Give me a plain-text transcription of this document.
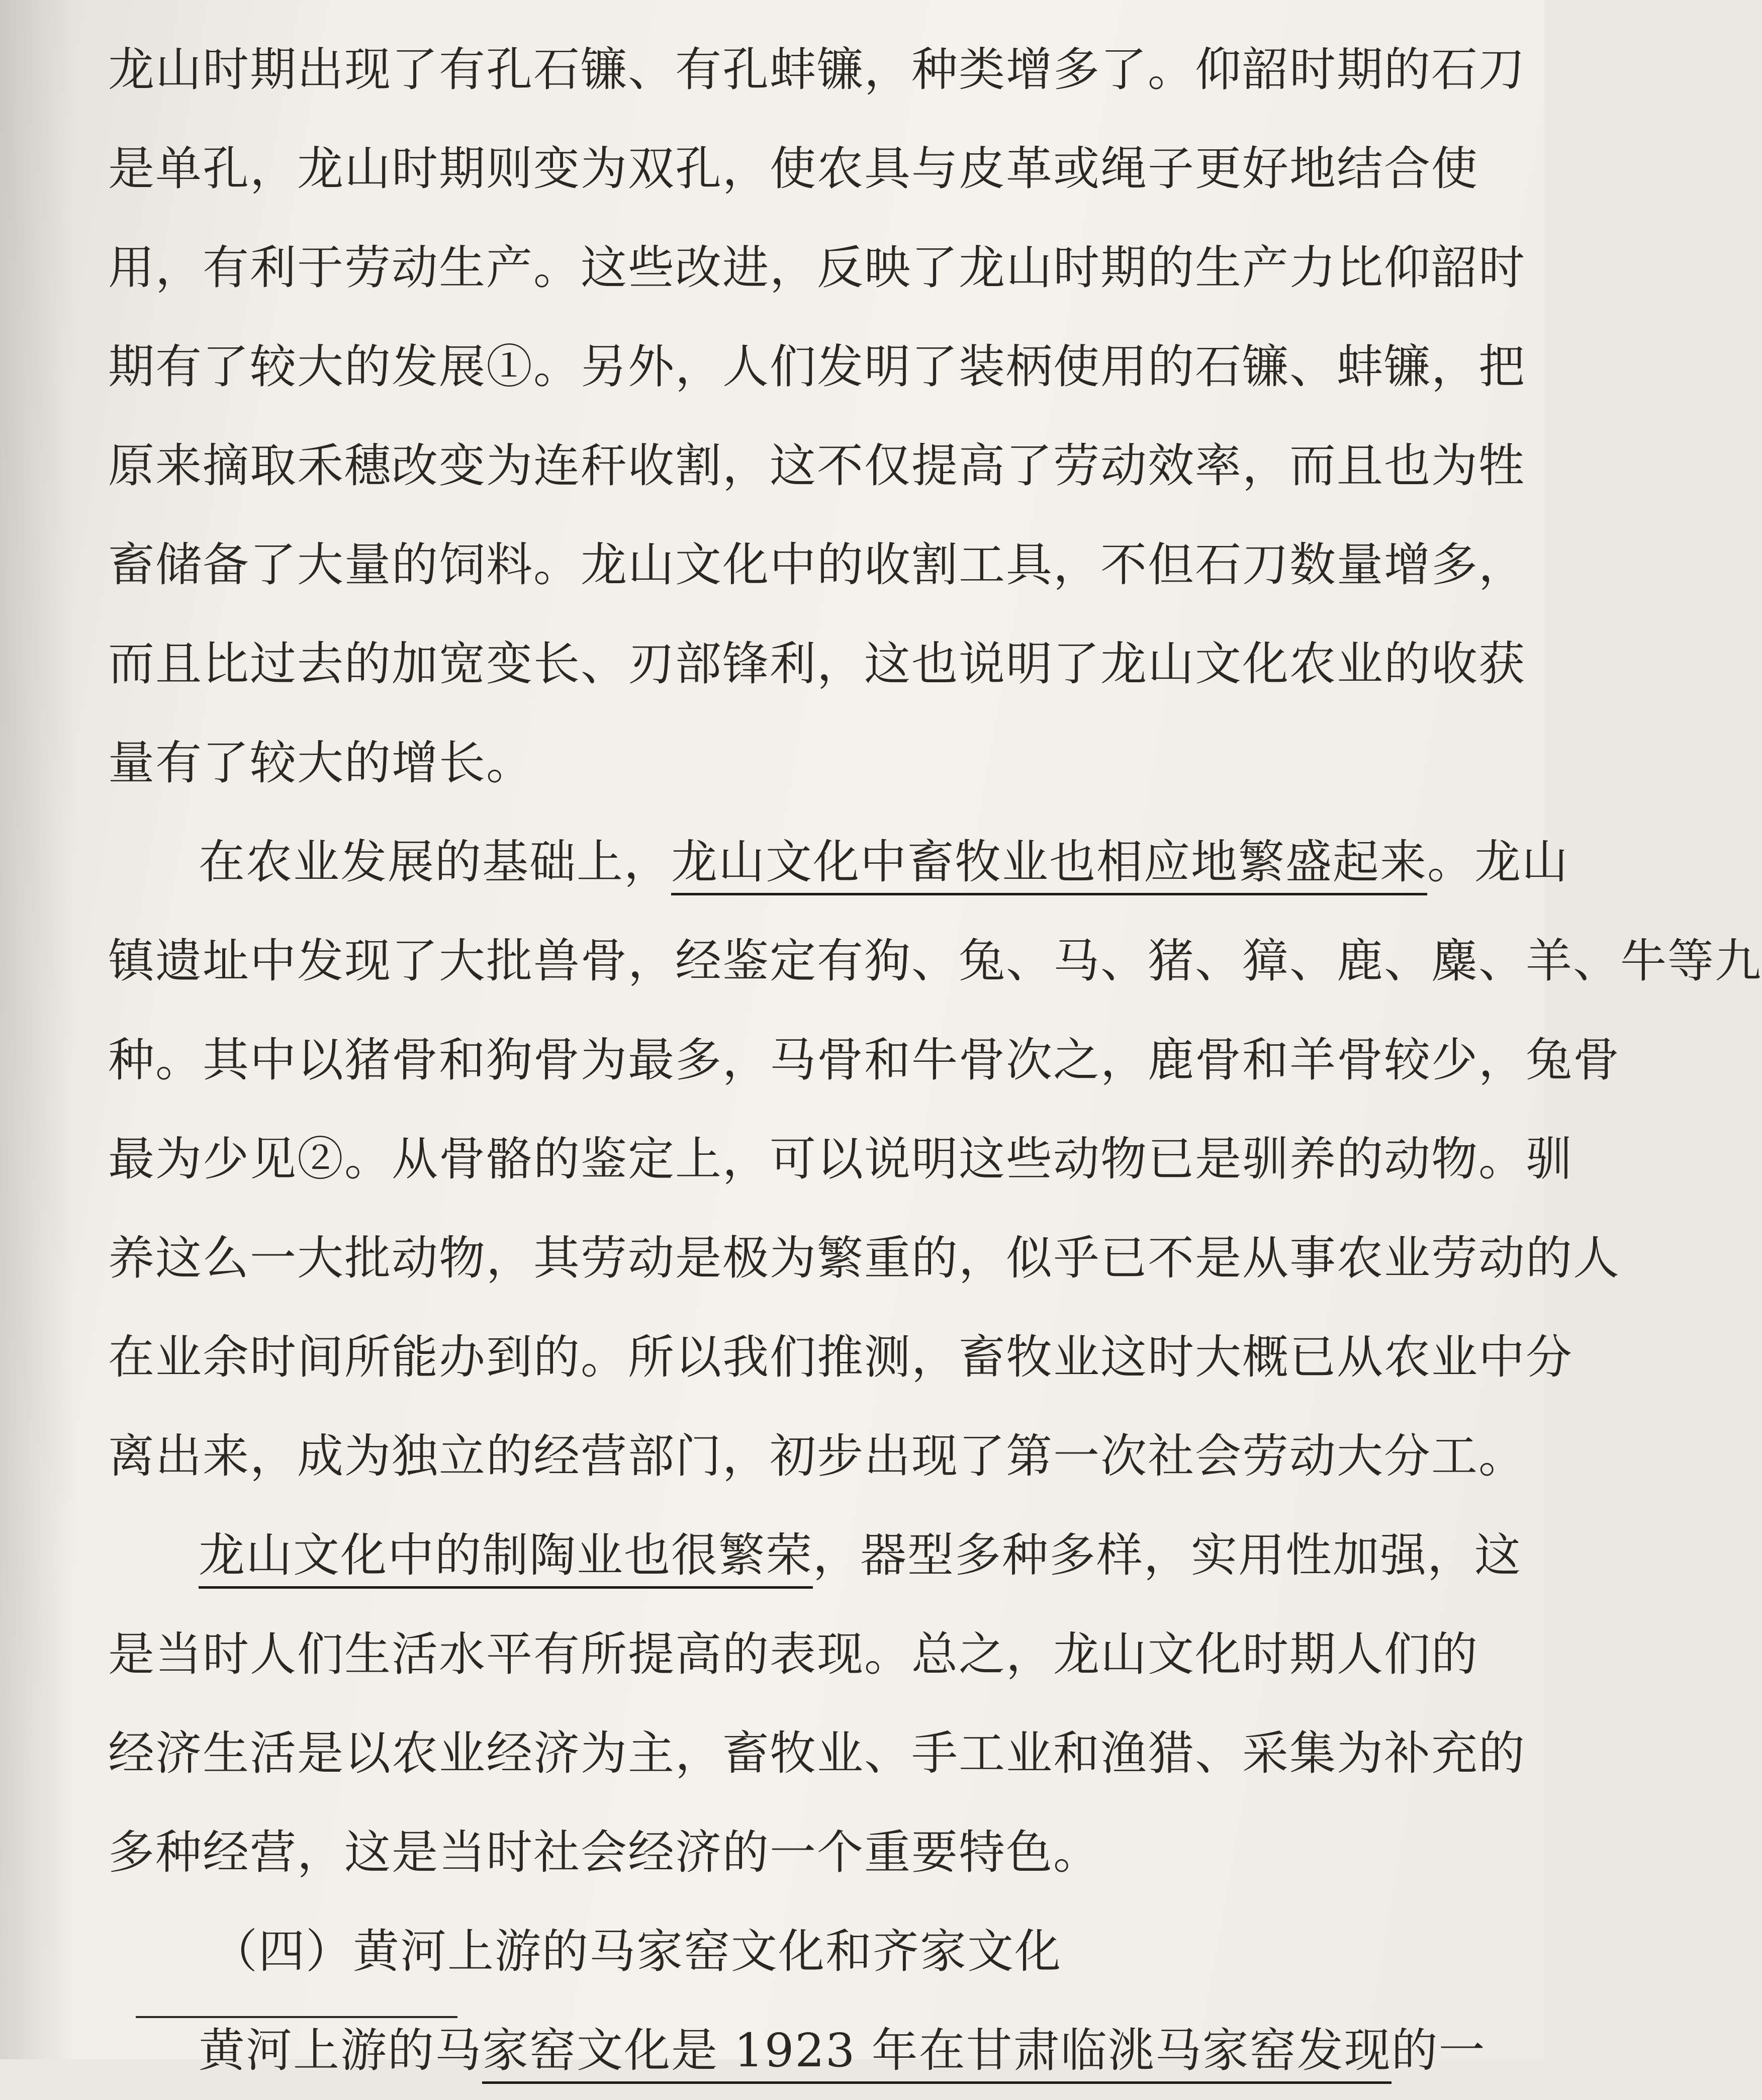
龙山时期出现了有孔石镰、有孔蚌镰，种类增多了。仰韶时期的石刀
是单孔，龙山时期则变为双孔，使农具与皮革或绳子更好地结合使
用，有利于劳动生产。这些改进，反映了龙山时期的生产力比仰韶时
期有了较大的发展①。另外，人们发明了装柄使用的石镰、蚌镰，把
原来摘取禾穗改变为连秆收割，这不仅提高了劳动效率，而且也为牲
畜储备了大量的饲料。龙山文化中的收割工具，不但石刀数量增多，
而且比过去的加宽变长、刃部锋利，这也说明了龙山文化农业的收获
量有了较大的增长。
在农业发展的基础上，龙山文化中畜牧业也相应地繁盛起来。龙山
镇遗址中发现了大批兽骨，经鉴定有狗、兔、马、猪、獐、鹿、麋、羊、牛等九
种。其中以猪骨和狗骨为最多，马骨和牛骨次之，鹿骨和羊骨较少，兔骨
最为少见②。从骨骼的鉴定上，可以说明这些动物已是驯养的动物。驯
养这么一大批动物，其劳动是极为繁重的，似乎已不是从事农业劳动的人
在业余时间所能办到的。所以我们推测，畜牧业这时大概已从农业中分
离出来，成为独立的经营部门，初步出现了第一次社会劳动大分工。
龙山文化中的制陶业也很繁荣，器型多种多样，实用性加强，这
是当时人们生活水平有所提高的表现。总之，龙山文化时期人们的
经济生活是以农业经济为主，畜牧业、手工业和渔猎、采集为补充的
多种经营，这是当时社会经济的一个重要特色。
（四）黄河上游的马家窑文化和齐家文化
黄河上游的马家窑文化是 1923 年在甘肃临洮马家窑发现的一
